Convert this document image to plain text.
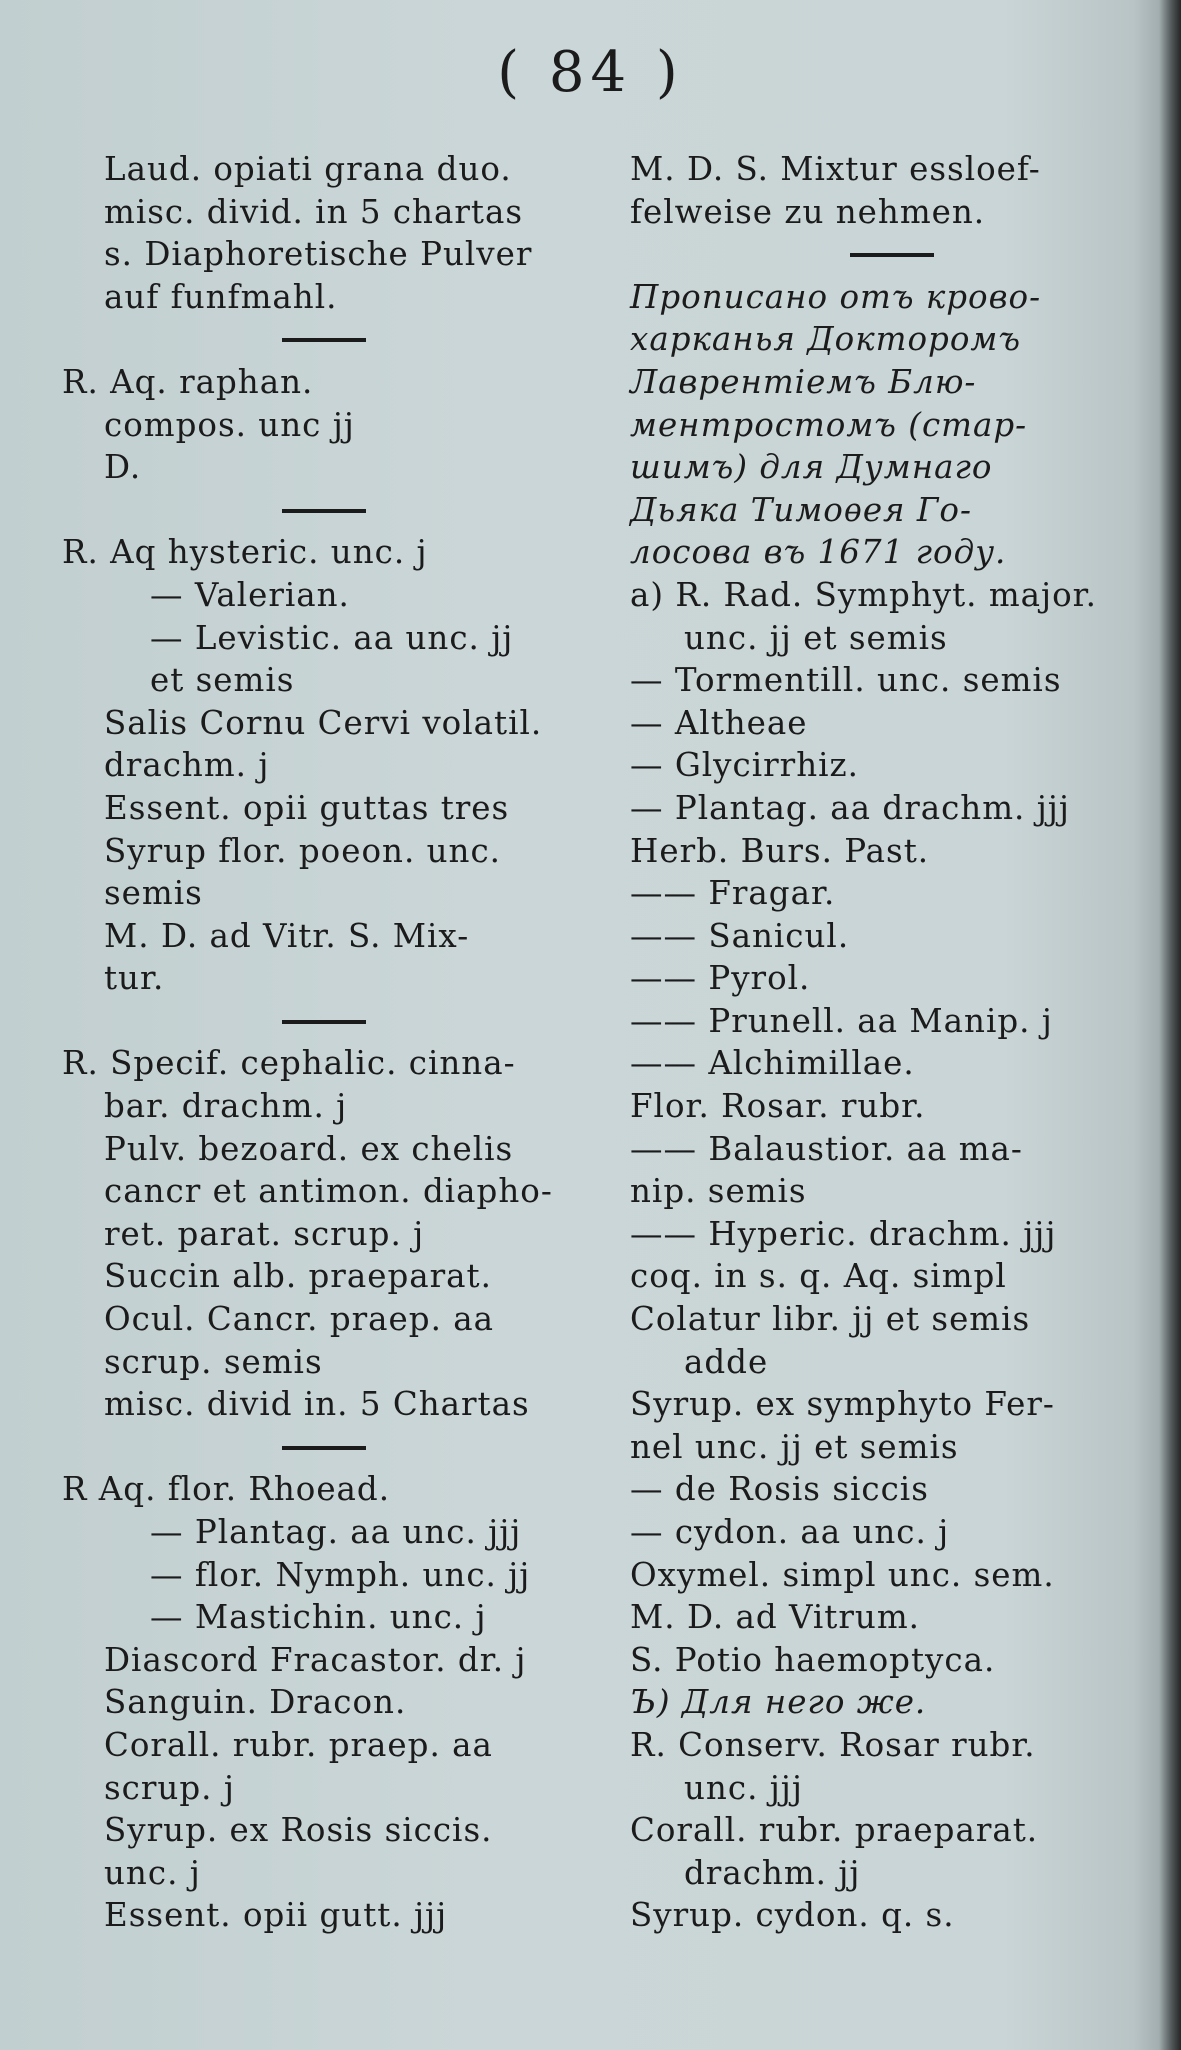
( 84 )
Laud. opiati grana duo.
misc. divid. in 5 chartas
s. Diaphoretische Pulver
auf funfmahl.
R. Aq. raphan.
compos. unc jj
D.
R. Aq hysteric. unc. j
— Valerian.
— Levistic. aa unc. jj
et semis
Salis Cornu Cervi volatil.
drachm. j
Essent. opii guttas tres
Syrup flor. poeon. unc.
semis
M. D. ad Vitr. S. Mix-
tur.
R. Specif. cephalic. cinna-
bar. drachm. j
Pulv. bezoard. ex chelis
cancr et antimon. diapho-
ret. parat. scrup. j
Succin alb. praeparat.
Ocul. Cancr. praep. aa
scrup. semis
misc. divid in. 5 Chartas
R Aq. flor. Rhoead.
— Plantag. aa unc. jjj
— flor. Nymph. unc. jj
— Mastichin. unc. j
Diascord Fracastor. dr. j
Sanguin. Dracon.
Corall. rubr. praep. aa
scrup. j
Syrup. ex Rosis siccis.
unc. j
Essent. opii gutt. jjj
M. D. S. Mixtur essloef-
felweise zu nehmen.
Прописано отъ крово-
харканья Докторомъ
Лаврентіемъ Блю-
ментростомъ (стар-
шимъ) для Думнаго
Дьяка Тимоѳея Го-
лосова въ 1671 году.
a) R. Rad. Symphyt. major.
unc. jj et semis
— Tormentill. unc. semis
— Altheae
— Glycirrhiz.
— Plantag. aa drachm. jjj
Herb. Burs. Past.
—— Fragar.
—— Sanicul.
—— Pyrol.
—— Prunell. aa Manip. j
—— Alchimillae.
Flor. Rosar. rubr.
—— Balaustior. aa ma-
nip. semis
—— Hyperic. drachm. jjj
coq. in s. q. Aq. simpl
Colatur libr. jj et semis
adde
Syrup. ex symphyto Fer-
nel unc. jj et semis
— de Rosis siccis
— cydon. aa unc. j
Oxymel. simpl unc. sem.
M. D. ad Vitrum.
S. Potio haemoptyca.
Ъ) Для него же.
R. Conserv. Rosar rubr.
unc. jjj
Corall. rubr. praeparat.
drachm. jj
Syrup. cydon. q. s.
